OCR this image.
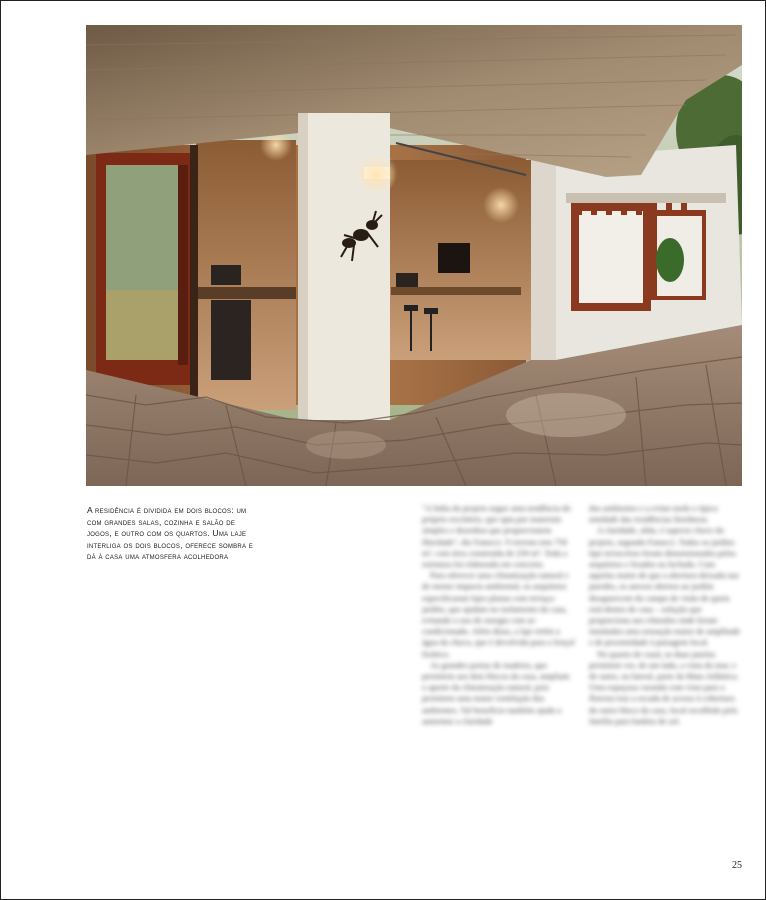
A residência é dividida em dois blocos: um com grandes salas, cozinha e salão de jogos, e outro com os quartos. Uma laje interliga os dois blocos, oferece sombra e dá à casa uma atmosfera acolhedora

"A linha do projeto segue uma tendência do próprio escritório, que opta por materiais simples e desenhos que proporcionem liberdade", diz Fanucci. O terreno tem 750 m², com área construída de 250 m². Toda a estrutura foi elaborada em concreto.

Para oferecer uma climatização natural e de menor impacto ambiental, os arquitetos especificaram lajes planas com terraço-jardim, que ajudam no isolamento da casa, evitando o uso de energia com ar-condicionado. Além disso, a laje retém a água da chuva, que é devolvida para o lençol freático.

As grandes portas de madeira, que permitem aos dois blocos da casa, ampliam o aporte da climatização natural, pois permitem uma maior ventilação dos ambientes. Tal benefício também ajuda a aumentar a claridade

dos ambientes e a evitar mofo e típica umidade das residências litorâneas.

A claridade, aliás, é aspecto chave do projeto, segundo Fanucci. Todos os jardins tipo terraceiros foram dimensionados pelos arquitetos e fixados na fachada. Com aquelas maior de que a abertura deixada nas paredes, os anexos abertos ao jardim desaparecem do campo de visão de quem está dentro de casa – solução que proporciona aos cômodos onde foram instalados uma sensação maior de amplitude e de proximidade à paisagem local.

No quarto de casal, as duas janelas permitem ver, de um lado, a vista do mar, e de outro, na lateral, parte da Mata Atlântica. Uma espaçosa varanda com vista para a floresta traz a escada de acesso à cobertura do outro bloco da casa, local escolhido pela família para banhos de sol.

25
